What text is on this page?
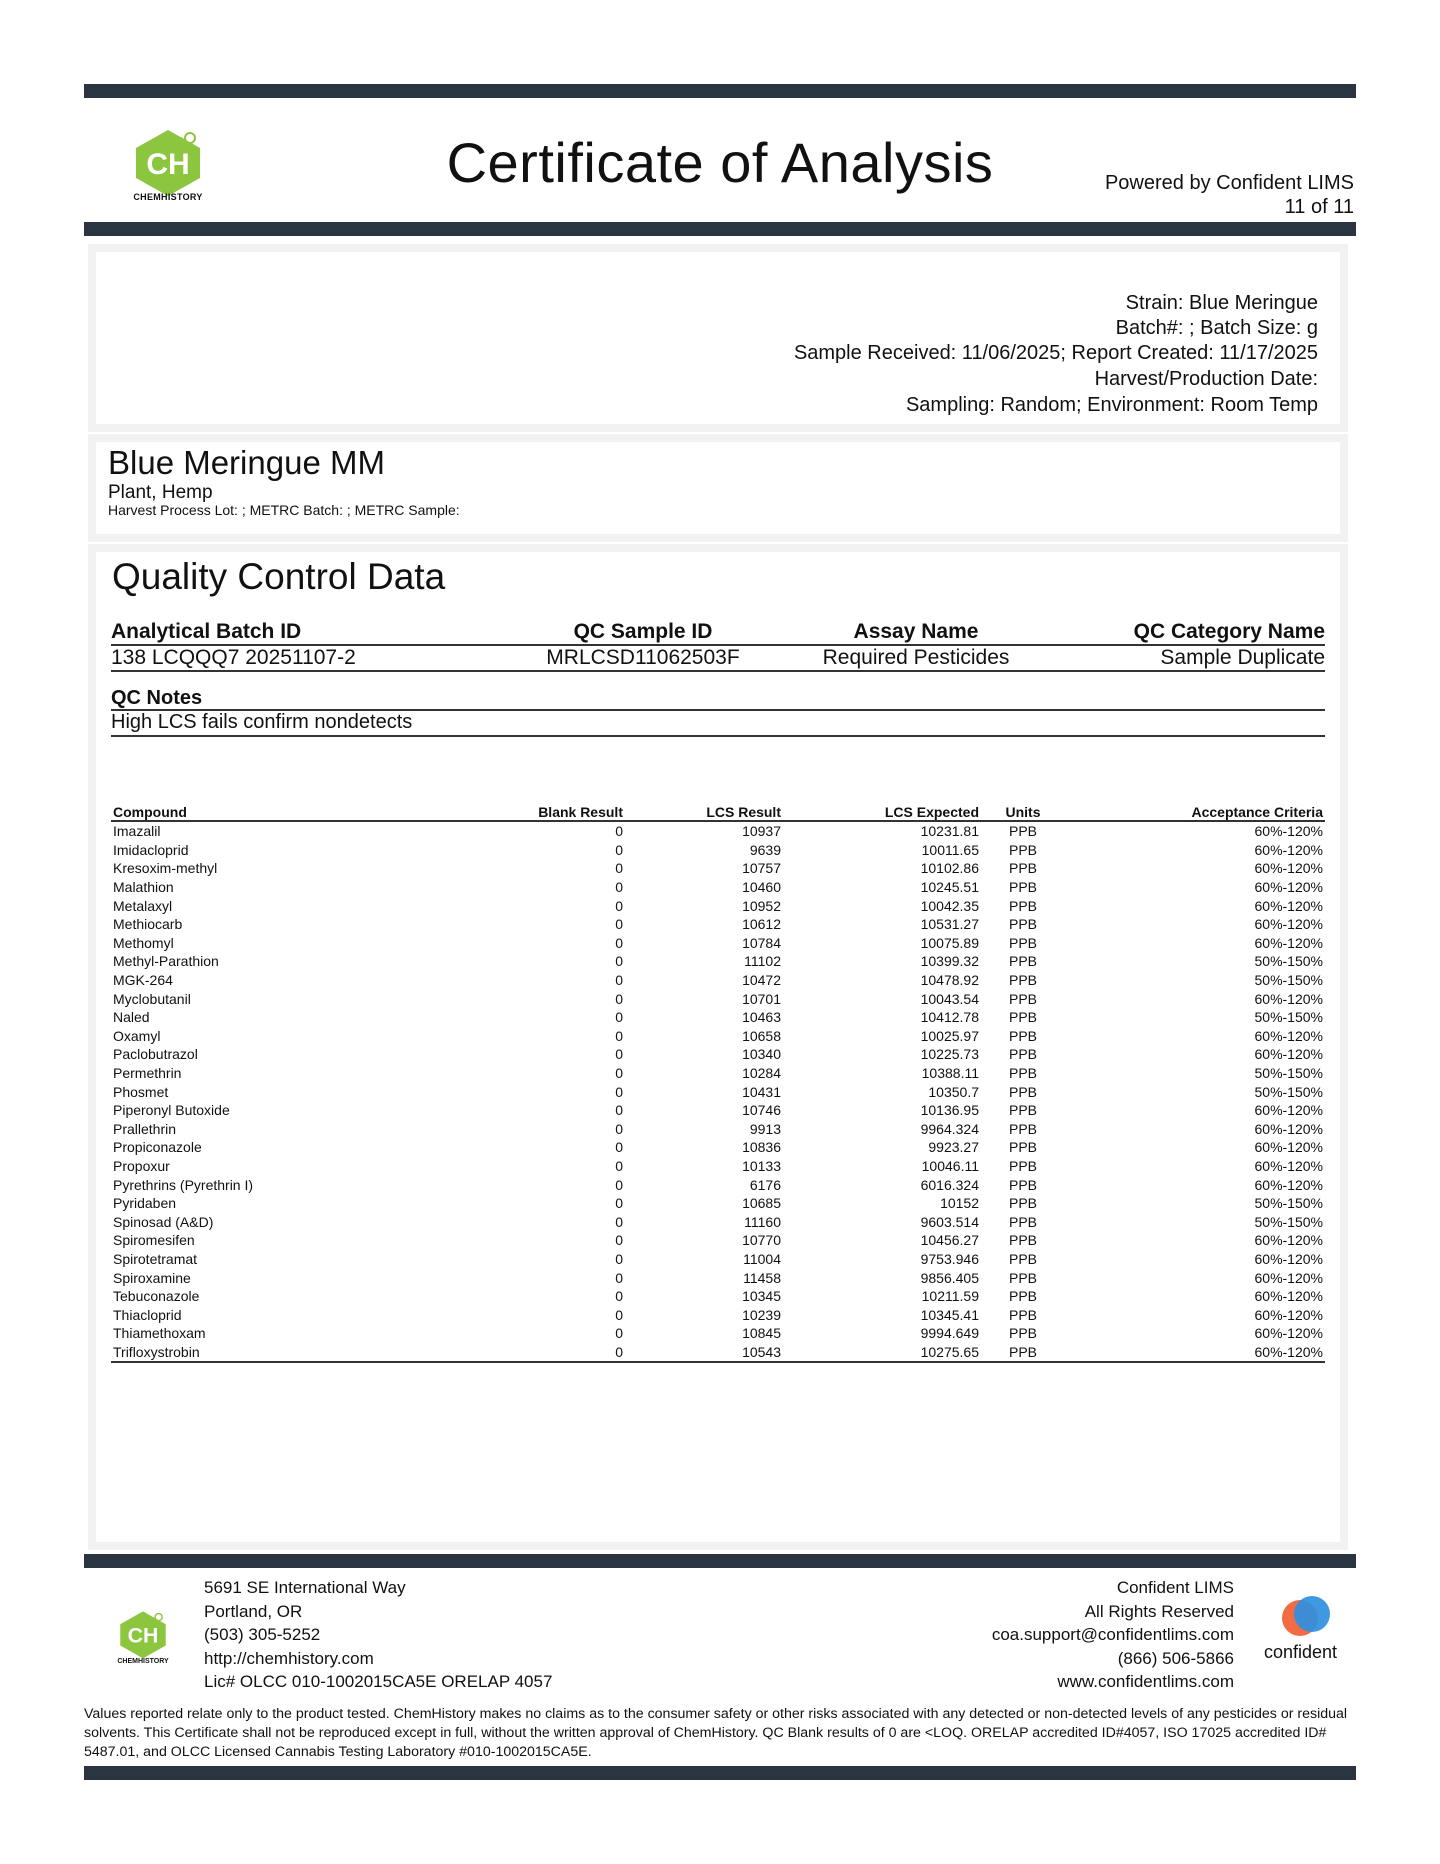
CH
CHEMHISTORY
Certificate of Analysis	Powered by Confident LIMS
11 of 11
Strain: Blue Meringue
Batch#: ; Batch Size: g
Sample Received: 11/06/2025; Report Created: 11/17/2025
Harvest/Production Date:
Sampling: Random; Environment: Room Temp
Blue Meringue MM
Plant, Hemp
Harvest Process Lot: ; METRC Batch: ; METRC Sample:
Quality Control Data
Analytical Batch ID	QC Sample ID	Assay Name	QC Category Name
138 LCQQQ7 20251107-2	MRLCSD11062503F	Required Pesticides	Sample Duplicate
QC Notes
High LCS fails confirm nondetects
Compound	Blank Result	LCS Result	LCS Expected	Units	Acceptance Criteria
Imazalil	0	10937	10231.81	PPB	60%-120%
Imidacloprid	0	9639	10011.65	PPB	60%-120%
Kresoxim-methyl	0	10757	10102.86	PPB	60%-120%
Malathion	0	10460	10245.51	PPB	60%-120%
Metalaxyl	0	10952	10042.35	PPB	60%-120%
Methiocarb	0	10612	10531.27	PPB	60%-120%
Methomyl	0	10784	10075.89	PPB	60%-120%
Methyl-Parathion	0	11102	10399.32	PPB	50%-150%
MGK-264	0	10472	10478.92	PPB	50%-150%
Myclobutanil	0	10701	10043.54	PPB	60%-120%
Naled	0	10463	10412.78	PPB	50%-150%
Oxamyl	0	10658	10025.97	PPB	60%-120%
Paclobutrazol	0	10340	10225.73	PPB	60%-120%
Permethrin	0	10284	10388.11	PPB	50%-150%
Phosmet	0	10431	10350.7	PPB	50%-150%
Piperonyl Butoxide	0	10746	10136.95	PPB	60%-120%
Prallethrin	0	9913	9964.324	PPB	60%-120%
Propiconazole	0	10836	9923.27	PPB	60%-120%
Propoxur	0	10133	10046.11	PPB	60%-120%
Pyrethrins (Pyrethrin I)	0	6176	6016.324	PPB	60%-120%
Pyridaben	0	10685	10152	PPB	50%-150%
Spinosad (A&D)	0	11160	9603.514	PPB	50%-150%
Spiromesifen	0	10770	10456.27	PPB	60%-120%
Spirotetramat	0	11004	9753.946	PPB	60%-120%
Spiroxamine	0	11458	9856.405	PPB	60%-120%
Tebuconazole	0	10345	10211.59	PPB	60%-120%
Thiacloprid	0	10239	10345.41	PPB	60%-120%
Thiamethoxam	0	10845	9994.649	PPB	60%-120%
Trifloxystrobin	0	10543	10275.65	PPB	60%-120%
CH
CHEMHISTORY
5691 SE International Way
Portland, OR
(503) 305-5252
http://chemhistory.com
Lic# OLCC 010-1002015CA5E ORELAP 4057
Confident LIMS
All Rights Reserved
coa.support@confidentlims.com
(866) 506-5866
www.confidentlims.com
confident
Values reported relate only to the product tested. ChemHistory makes no claims as to the consumer safety or other risks associated with any detected or non-detected levels of any pesticides or residual solvents. This Certificate shall not be reproduced except in full, without the written approval of ChemHistory. QC Blank results of 0 are <LOQ. ORELAP accredited ID#4057, ISO 17025 accredited ID# 5487.01, and OLCC Licensed Cannabis Testing Laboratory #010-1002015CA5E.
